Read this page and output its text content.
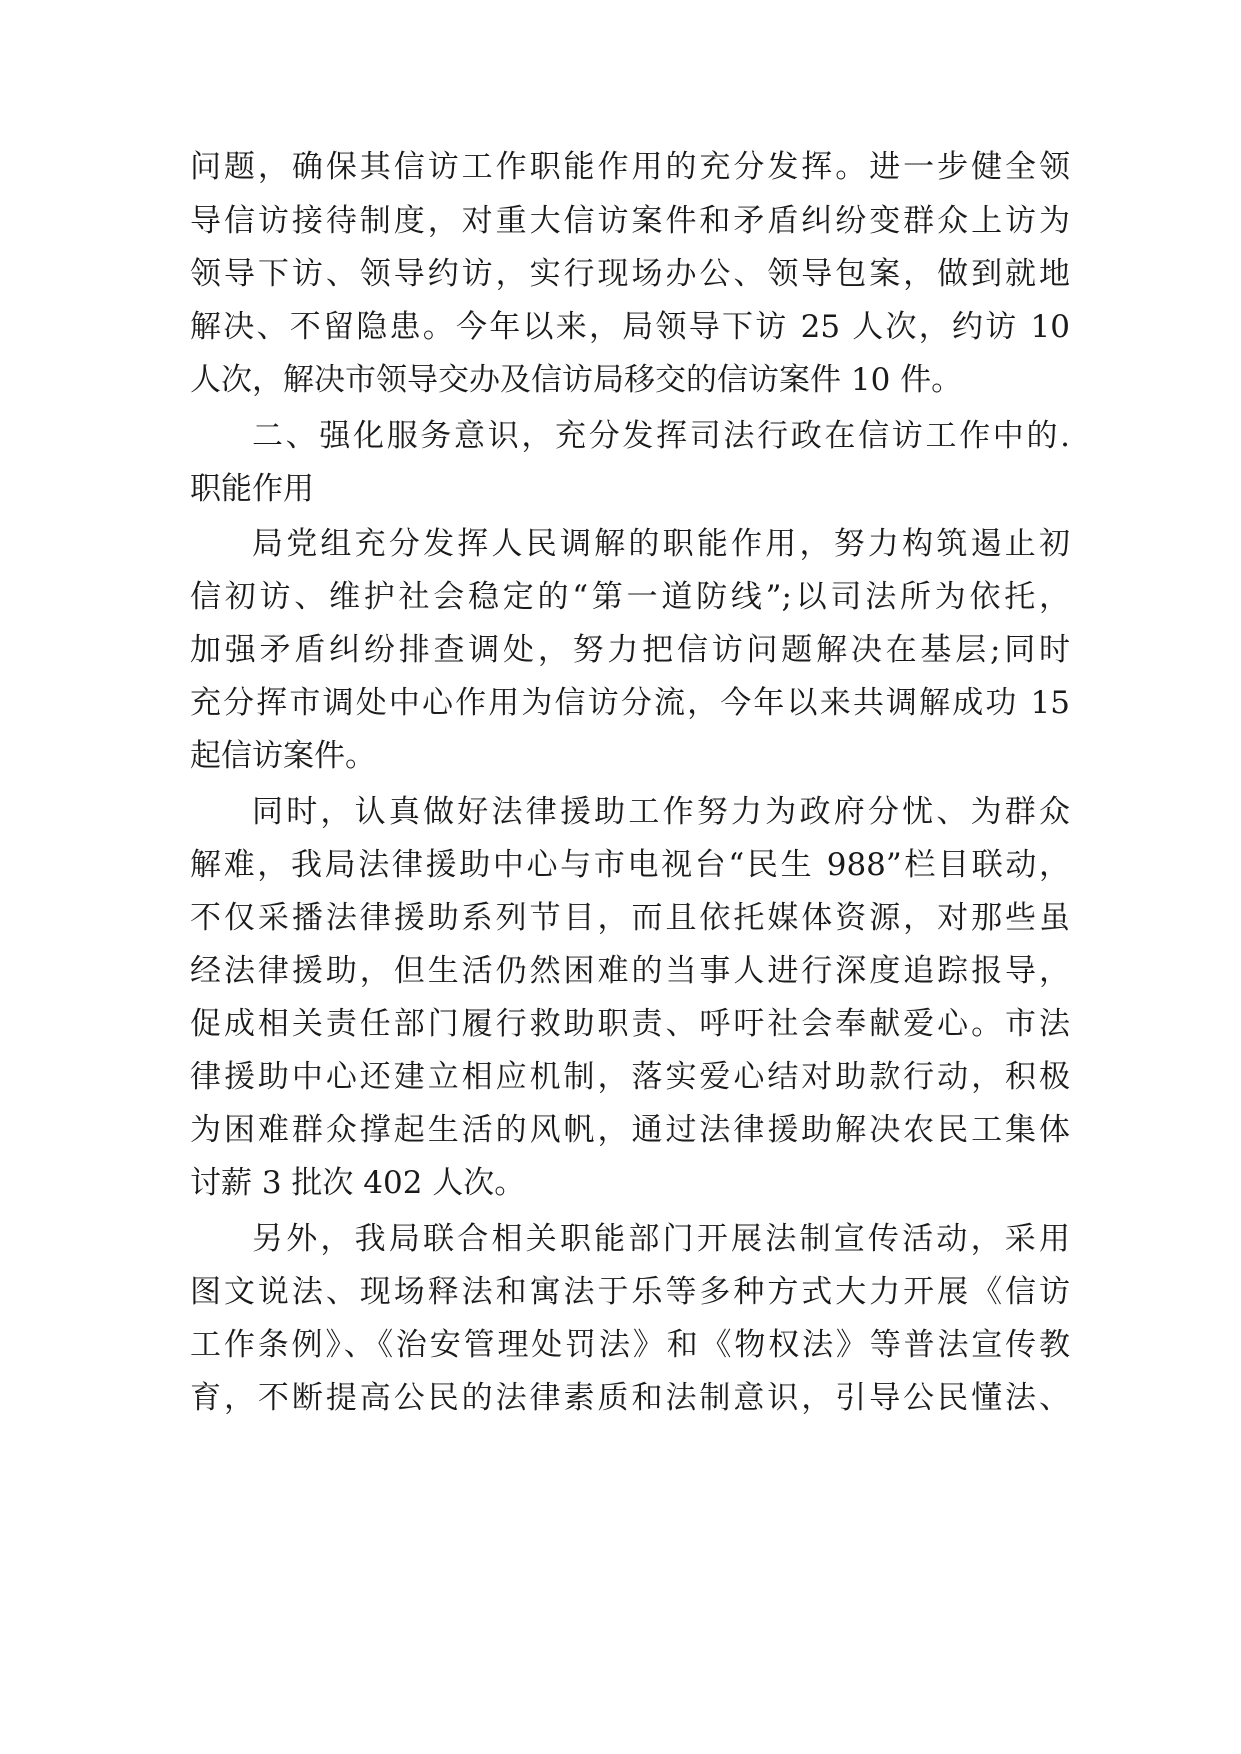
问题，确保其信访工作职能作用的充分发挥。进一步健全领
导信访接待制度，对重大信访案件和矛盾纠纷变群众上访为
领导下访、领导约访，实行现场办公、领导包案，做到就地
解决、不留隐患。今年以来，局领导下访 25 人次，约访 10
人次，解决市领导交办及信访局移交的信访案件 10 件。
二、强化服务意识，充分发挥司法行政在信访工作中的.
职能作用
局党组充分发挥人民调解的职能作用，努力构筑遏止初
信初访、维护社会稳定的“第一道防线”;以司法所为依托，
加强矛盾纠纷排查调处，努力把信访问题解决在基层;同时
充分挥市调处中心作用为信访分流，今年以来共调解成功 15
起信访案件。
同时，认真做好法律援助工作努力为政府分忧、为群众
解难，我局法律援助中心与市电视台“民生 988”栏目联动，
不仅采播法律援助系列节目，而且依托媒体资源，对那些虽
经法律援助，但生活仍然困难的当事人进行深度追踪报导，
促成相关责任部门履行救助职责、呼吁社会奉献爱心。市法
律援助中心还建立相应机制，落实爱心结对助款行动，积极
为困难群众撑起生活的风帆，通过法律援助解决农民工集体
讨薪 3 批次 402 人次。
另外，我局联合相关职能部门开展法制宣传活动，采用
图文说法、现场释法和寓法于乐等多种方式大力开展《信访
工作条例》、《治安管理处罚法》和《物权法》等普法宣传教
育，不断提高公民的法律素质和法制意识，引导公民懂法、
